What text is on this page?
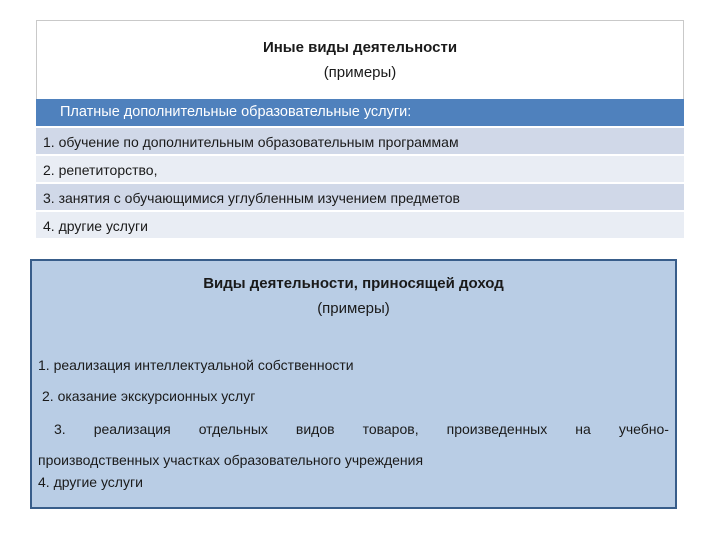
Иные виды деятельности
(примеры)
Платные дополнительные образовательные услуги:
1. обучение по дополнительным образовательным программам
2. репетиторство,
3. занятия с обучающимися углубленным изучением предметов
4. другие услуги
Виды деятельности, приносящей доход
(примеры)
1. реализация интеллектуальной собственности
2. оказание экскурсионных услуг
3. реализация отдельных видов товаров, произведенных на учебно-
производственных участках образовательного учреждения
4. другие услуги
